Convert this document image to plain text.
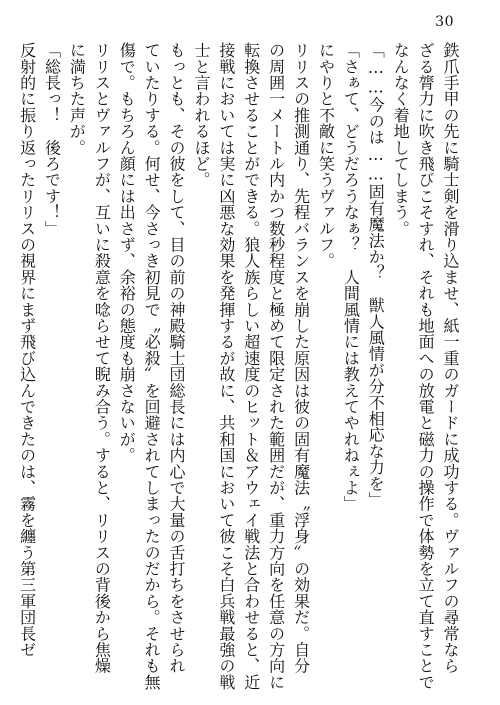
30
鉄爪手甲の先に騎士剣を滑り込ませ、紙一重のガードに成功する。ヴァルフの尋常なら
ざる膂力に吹き飛びこそすれ、それも地面への放電と磁力の操作で体勢を立て直すことで
なんなく着地してしまう。
「……今のは……固有魔法か？　獣人風情が分不相応な力を」
「さぁて、どうだろうなぁ？　人間風情には教えてやれねぇよ」
にやりと不敵に笑うヴァルフ。
リリスの推測通り、先程バランスを崩した原因は彼の固有魔法〝浮身〟の効果だ。自分
の周囲一メートル内かつ数秒程度と極めて限定された範囲だが、重力方向を任意の方向に
転換させることができる。狼人族らしい超速度のヒット＆アウェイ戦法と合わせると、近
接戦においては実に凶悪な効果を発揮するが故に、共和国において彼こそ白兵戦最強の戦
士と言われるほど。
もっとも、その彼をして、目の前の神殿騎士団総長には内心で大量の舌打ちをさせられ
ていたりする。何せ、今さっき初見で〝必殺〟を回避されてしまったのだから。それも無
傷で。もちろん顔には出さず、余裕の態度も崩さないが。
リリスとヴァルフが、互いに殺意を唸らせて睨み合う。すると、リリスの背後から焦燥
に満ちた声が。
「総長っ！　後ろです！」
反射的に振り返ったリリスの視界にまず飛び込んできたのは、霧を纏う第三軍団長ゼ
